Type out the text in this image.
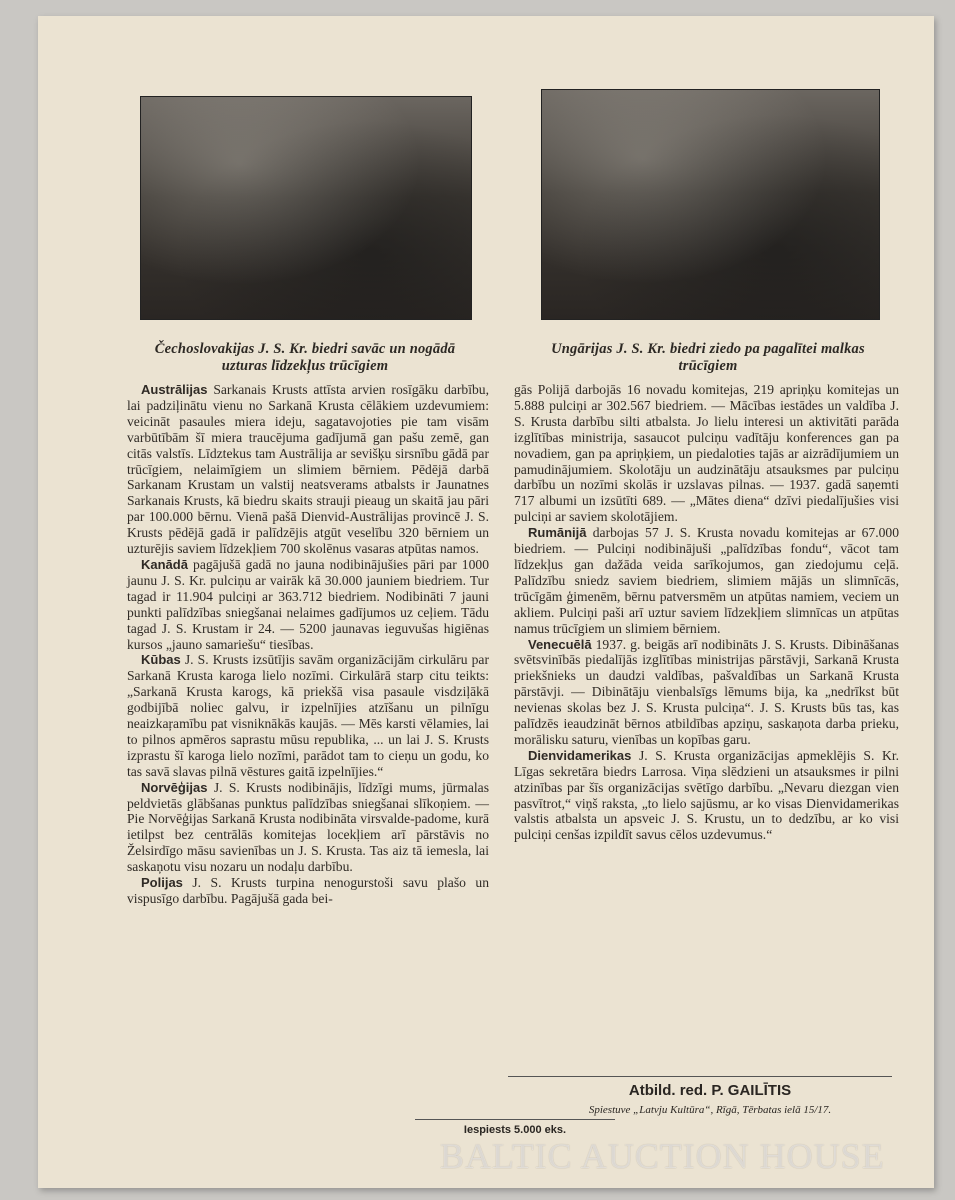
Čechoslovakijas J. S. Kr. biedri savāc un nogādā uzturas līdzekļus trūcīgiem
Ungārijas J. S. Kr. biedri ziedo pa pagalītei malkas trūcīgiem

Austrālijas Sarkanais Krusts attīsta arvien rosīgāku darbību, lai padziļinātu vienu no Sarkanā Krusta cēlākiem uzdevumiem: veicināt pasaules miera ideju, sagatavojoties pie tam visām varbūtībām šī miera traucējuma gadījumā gan pašu zemē, gan citās valstīs. Līdztekus tam Austrālija ar sevišķu sirsnību gādā par trūcīgiem, nelaimīgiem un slimiem bērniem. Pēdējā darbā Sarkanam Krustam un valstij neatsverams atbalsts ir Jaunatnes Sarkanais Krusts, kā biedru skaits strauji pieaug un skaitā jau pāri par 100.000 bērnu. Vienā pašā Dienvid-Austrālijas provincē J. S. Krusts pēdējā gadā ir palīdzējis atgūt veselību 320 bērniem un uzturējis saviem līdzekļiem 700 skolēnus vasaras atpūtas namos.

Kanādā pagājušā gadā no jauna nodibinājušies pāri par 1000 jaunu J. S. Kr. pulciņu ar vairāk kā 30.000 jauniem biedriem. Tur tagad ir 11.904 pulciņi ar 363.712 biedriem. Nodibināti 7 jauni punkti palīdzības sniegšanai nelaimes gadījumos uz ceļiem. Tādu tagad J. S. Krustam ir 24. — 5200 jaunavas ieguvušas higiēnas kursos „jauno samariešu“ tiesības.

Kūbas J. S. Krusts izsūtījis savām organizācijām cirkulāru par Sarkanā Krusta karoga lielo nozīmi. Cirkulārā starp citu teikts: „Sarkanā Krusta karogs, kā priekšā visa pasaule visdziļākā godbijībā noliec galvu, ir izpelnījies atzīšanu un pilnīgu neaizkaŗamību pat visniknākās kaujās. — Mēs karsti vēlamies, lai to pilnos apmēros saprastu mūsu republika, ... un lai J. S. Krusts izprastu šī karoga lielo nozīmi, parādot tam to cieņu un godu, ko tas savā slavas pilnā vēstures gaitā izpelnījies.“

Norvēģijas J. S. Krusts nodibinājis, līdzīgi mums, jūrmalas peldvietās glābšanas punktus palīdzības sniegšanai slīkoņiem. — Pie Norvēģijas Sarkanā Krusta nodibināta virsvalde-padome, kurā ietilpst bez centrālās komitejas locekļiem arī pārstāvis no Želsirdīgo māsu savienības un J. S. Krusta. Tas aiz tā iemesla, lai saskaņotu visu nozaru un nodaļu darbību.

Polijas J. S. Krusts turpina nenogurstoši savu plašo un vispusīgo darbību. Pagājušā gada bei-

gās Polijā darbojās 16 novadu komitejas, 219 apriņķu komitejas un 5.888 pulciņi ar 302.567 biedriem. — Mācības iestādes un valdība J. S. Krusta darbību silti atbalsta. Jo lielu interesi un aktivitāti parāda izglītības ministrija, sasaucot pulciņu vadītāju konferences gan pa novadiem, gan pa apriņķiem, un piedaloties tajās ar aizrādījumiem un pamudinājumiem. Skolotāju un audzinātāju atsauksmes par pulciņu darbību un nozīmi skolās ir uzslavas pilnas. — 1937. gadā saņemti 717 albumi un izsūtīti 689. — „Mātes diena“ dzīvi piedalījušies visi pulciņi ar saviem skolotājiem.

Rumānijā darbojas 57 J. S. Krusta novadu komitejas ar 67.000 biedriem. — Pulciņi nodibinājuši „palīdzības fondu“, vācot tam līdzekļus gan dažāda veida sarīkojumos, gan ziedojumu ceļā. Palīdzību sniedz saviem biedriem, slimiem mājās un slimnīcās, trūcīgām ģimenēm, bērnu patversmēm un atpūtas namiem, veciem un akliem. Pulciņi paši arī uztur saviem līdzekļiem slimnīcas un atpūtas namus trūcīgiem un slimiem bērniem.

Venecuēlā 1937. g. beigās arī nodibināts J. S. Krusts. Dibināšanas svētsvinībās piedalījās izglītības ministrijas pārstāvji, Sarkanā Krusta priekšnieks un daudzi valdības, pašvaldības un Sarkanā Krusta pārstāvji. — Dibinātāju vienbalsīgs lēmums bija, ka „nedrīkst būt nevienas skolas bez J. S. Krusta pulciņa“. J. S. Krusts būs tas, kas palīdzēs ieaudzināt bērnos atbildības apziņu, saskaņota darba prieku, morālisku saturu, vienības un kopības garu.

Dienvidamerikas J. S. Krusta organizācijas apmeklējis S. Kr. Līgas sekretāra biedrs Larrosa. Viņa slēdzieni un atsauksmes ir pilni atzinības par šīs organizācijas svētīgo darbību. „Nevaru diezgan vien pasvītrot,“ viņš raksta, „to lielo sajūsmu, ar ko visas Dienvidamerikas valstis atbalsta un apsveic J. S. Krustu, un to dedzību, ar ko visi pulciņi cenšas izpildīt savus cēlos uzdevumus.“

Atbild. red. P. GAILĪTIS
Spiestuve „Latvju Kultūra“, Rīgā, Tērbatas ielā 15/17.
Iespiests 5.000 eks.
BALTIC AUCTION HOUSE
